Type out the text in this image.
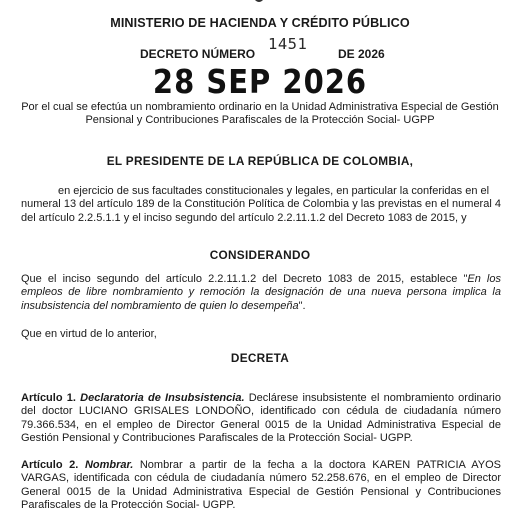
MINISTERIO DE HACIENDA Y CRÉDITO PÚBLICO
DECRETO NÚMERO
1451
DE 2026
28 SEP 2026
Por el cual se efectúa un nombramiento ordinario en la Unidad Administrativa Especial de Gestión Pensional y Contribuciones Parafiscales de la Protección Social- UGPP
EL PRESIDENTE DE LA REPÚBLICA DE COLOMBIA,
en ejercicio de sus facultades constitucionales y legales, en particular la conferidas en el
numeral 13 del artículo 189 de la Constitución Política de Colombia y las previstas en el numeral 4
del artículo 2.2.5.1.1 y el inciso segundo del artículo 2.2.11.1.2 del Decreto 1083 de 2015, y
CONSIDERANDO
Que el inciso segundo del artículo 2.2.11.1.2 del Decreto 1083 de 2015, establece "En los empleos de libre nombramiento y remoción la designación de una nueva persona implica la insubsistencia del nombramiento de quien lo desempeña".
Que en virtud de lo anterior,
DECRETA
Artículo 1. Declaratoria de Insubsistencia. Declárese insubsistente el nombramiento ordinario del doctor LUCIANO GRISALES LONDOÑO, identificado con cédula de ciudadanía número 79.366.534, en el empleo de Director General 0015 de la Unidad Administrativa Especial de Gestión Pensional y Contribuciones Parafiscales de la Protección Social- UGPP.
Artículo 2. Nombrar. Nombrar a partir de la fecha a la doctora KAREN PATRICIA AYOS VARGAS, identificada con cédula de ciudadanía número 52.258.676, en el empleo de Director General 0015 de la Unidad Administrativa Especial de Gestión Pensional y Contribuciones Parafiscales de la Protección Social- UGPP.
